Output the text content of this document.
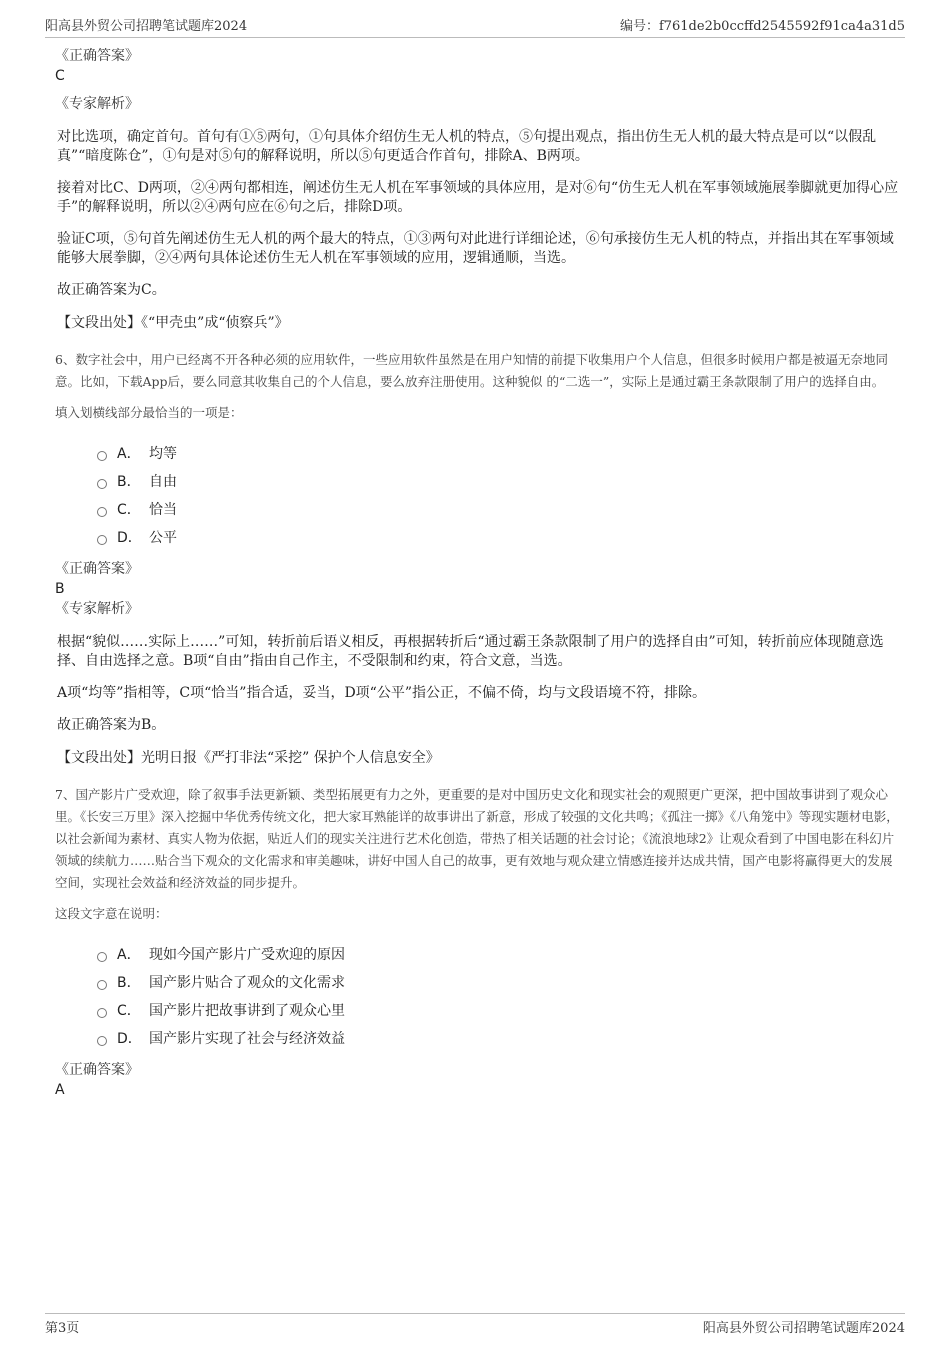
阳高县外贸公司招聘笔试题库2024	编号：f761de2b0ccffd2545592f91ca4a31d5
《正确答案》
C
《专家解析》

对比选项，确定首句。首句有①⑤两句，①句具体介绍仿生无人机的特点，⑤句提出观点，指出仿生无人机的最大特点是可以“以假乱真”“暗度陈仓”，①句是对⑤句的解释说明，所以⑤句更适合作首句，排除A、B两项。

接着对比C、D两项，②④两句都相连，阐述仿生无人机在军事领域的具体应用，是对⑥句“仿生无人机在军事领域施展拳脚就更加得心应手”的解释说明，所以②④两句应在⑥句之后，排除D项。

验证C项，⑤句首先阐述仿生无人机的两个最大的特点，①③两句对此进行详细论述，⑥句承接仿生无人机的特点，并指出其在军事领域能够大展拳脚，②④两句具体论述仿生无人机在军事领域的应用，逻辑通顺，当选。

故正确答案为C。

【文段出处】《“甲壳虫”成“侦察兵”》

6、数字社会中，用户已经离不开各种必须的应用软件，一些应用软件虽然是在用户知情的前提下收集用户个人信息，但很多时候用户都是被逼无奈地同意。比如，下载App后，要么同意其收集自己的个人信息，要么放弃注册使用。这种貌似 的“二选一”，实际上是通过霸王条款限制了用户的选择自由。

填入划横线部分最恰当的一项是：

A． 均等
B． 自由
C． 恰当
D． 公平
《正确答案》
B
《专家解析》

根据“貌似……实际上……”可知，转折前后语义相反，再根据转折后“通过霸王条款限制了用户的选择自由”可知，转折前应体现随意选择、自由选择之意。B项“自由”指由自己作主，不受限制和约束，符合文意，当选。

A项“均等”指相等，C项“恰当”指合适，妥当，D项“公平”指公正，不偏不倚，均与文段语境不符，排除。

故正确答案为B。

【文段出处】光明日报《严打非法“采挖” 保护个人信息安全》

7、国产影片广受欢迎，除了叙事手法更新颖、类型拓展更有力之外，更重要的是对中国历史文化和现实社会的观照更广更深，把中国故事讲到了观众心里。《长安三万里》深入挖掘中华优秀传统文化，把大家耳熟能详的故事讲出了新意，形成了较强的文化共鸣；《孤注一掷》《八角笼中》等现实题材电影，以社会新闻为素材、真实人物为依据，贴近人们的现实关注进行艺术化创造，带热了相关话题的社会讨论；《流浪地球2》让观众看到了中国电影在科幻片领域的续航力……贴合当下观众的文化需求和审美趣味，讲好中国人自己的故事，更有效地与观众建立情感连接并达成共情，国产电影将赢得更大的发展空间，实现社会效益和经济效益的同步提升。

这段文字意在说明：

A． 现如今国产影片广受欢迎的原因
B． 国产影片贴合了观众的文化需求
C． 国产影片把故事讲到了观众心里
D． 国产影片实现了社会与经济效益
《正确答案》
A
第3页	阳高县外贸公司招聘笔试题库2024
